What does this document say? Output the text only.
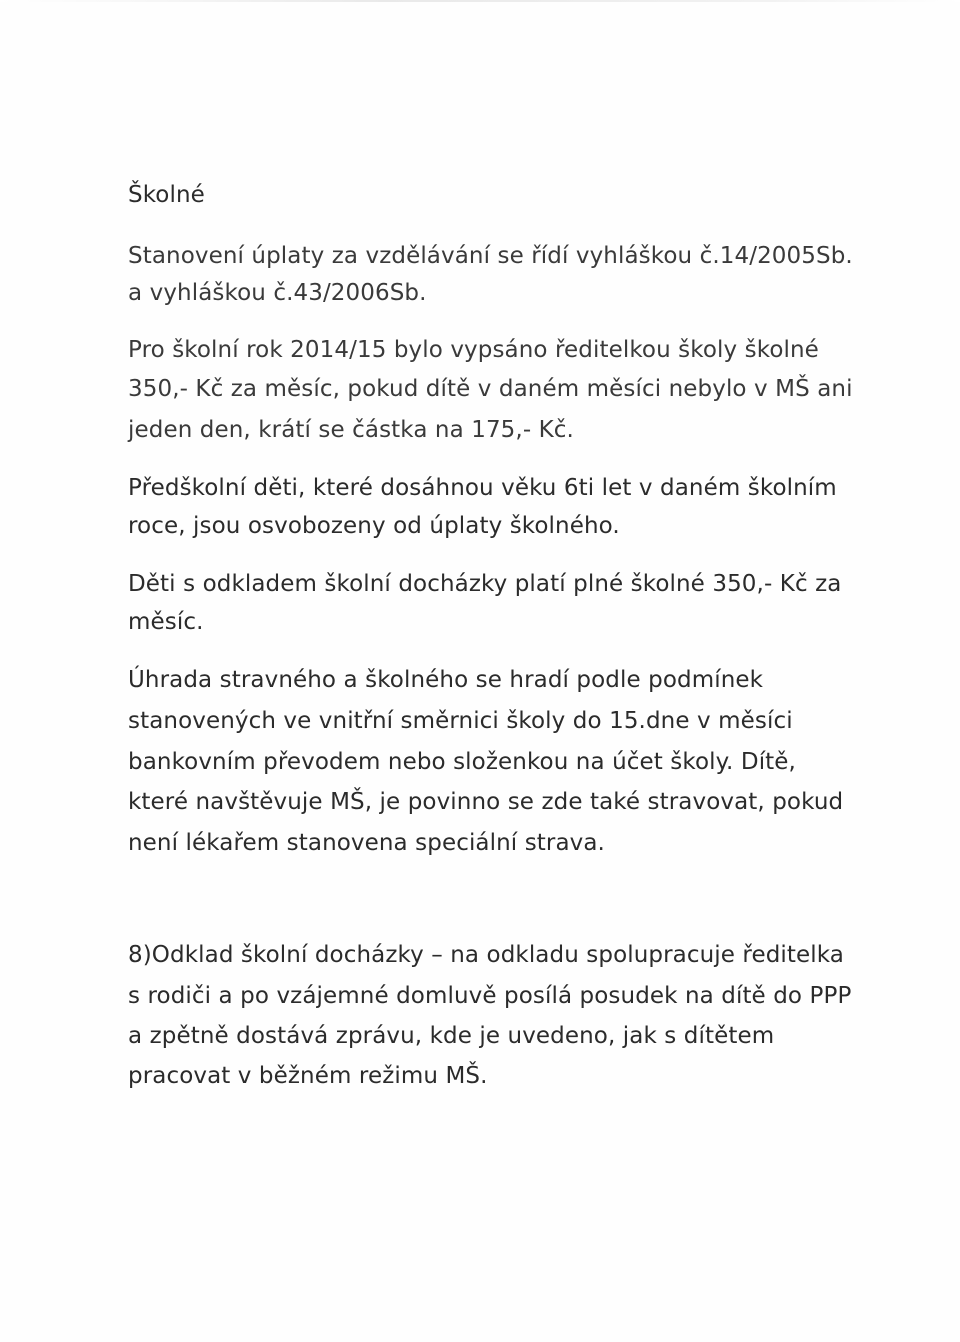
Školné

Stanovení úplaty za vzdělávání se řídí vyhláškou č.14/2005Sb.

a vyhláškou č.43/2006Sb.

Pro školní rok 2014/15 bylo vypsáno ředitelkou školy školné

350,- Kč za měsíc, pokud dítě v daném měsíci nebylo v MŠ ani

jeden den, krátí se částka na 175,- Kč.

Předškolní děti, které dosáhnou věku 6ti let v daném školním

roce, jsou osvobozeny od úplaty školného.

Děti s odkladem školní docházky platí plné školné 350,- Kč za

měsíc.

Úhrada stravného a školného se hradí podle podmínek

stanovených ve vnitřní směrnici školy do 15.dne v měsíci

bankovním převodem nebo složenkou na účet školy. Dítě,

které navštěvuje MŠ, je povinno se zde také stravovat, pokud

není lékařem stanovena speciální strava.

8)Odklad školní docházky – na odkladu spolupracuje ředitelka

s rodiči a po vzájemné domluvě posílá posudek na dítě do PPP

a zpětně dostává zprávu, kde je uvedeno, jak s dítětem

pracovat v běžném režimu MŠ.
